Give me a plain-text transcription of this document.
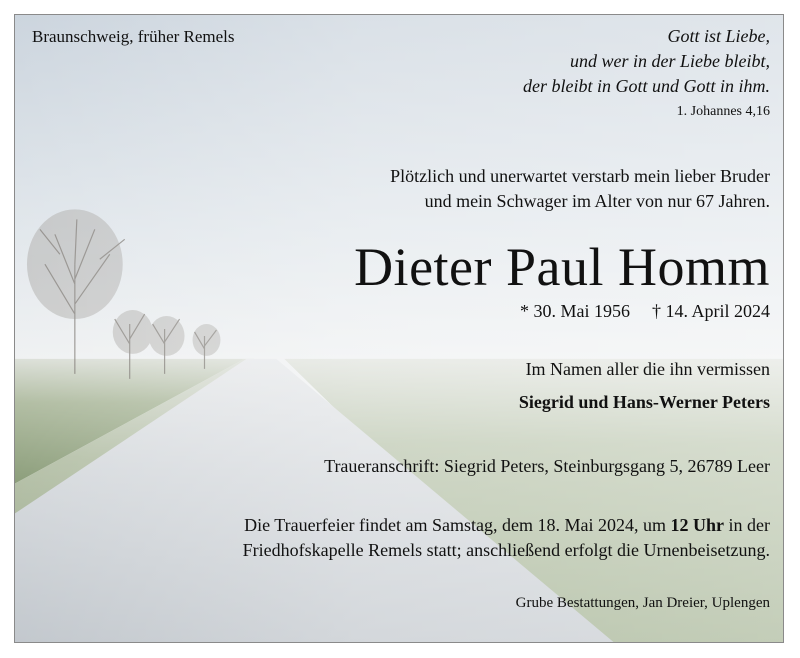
Braunschweig, früher Remels	Gott ist Liebe,
und wer in der Liebe bleibt,
der bleibt in Gott und Gott in ihm.

1. Johannes 4,16

Plötzlich und unerwartet verstarb mein lieber Bruder
und mein Schwager im Alter von nur 67 Jahren.

Dieter Paul Homm

* 30. Mai 1956 † 14. April 2024

Im Namen aller die ihn vermissen

Siegrid und Hans-Werner Peters

Traueranschrift: Siegrid Peters, Steinburgsgang 5, 26789 Leer

Die Trauerfeier findet am Samstag, dem 18. Mai 2024, um 12 Uhr in der
Friedhofskapelle Remels statt; anschließend erfolgt die Urnenbeisetzung.

Grube Bestattungen, Jan Dreier, Uplengen
